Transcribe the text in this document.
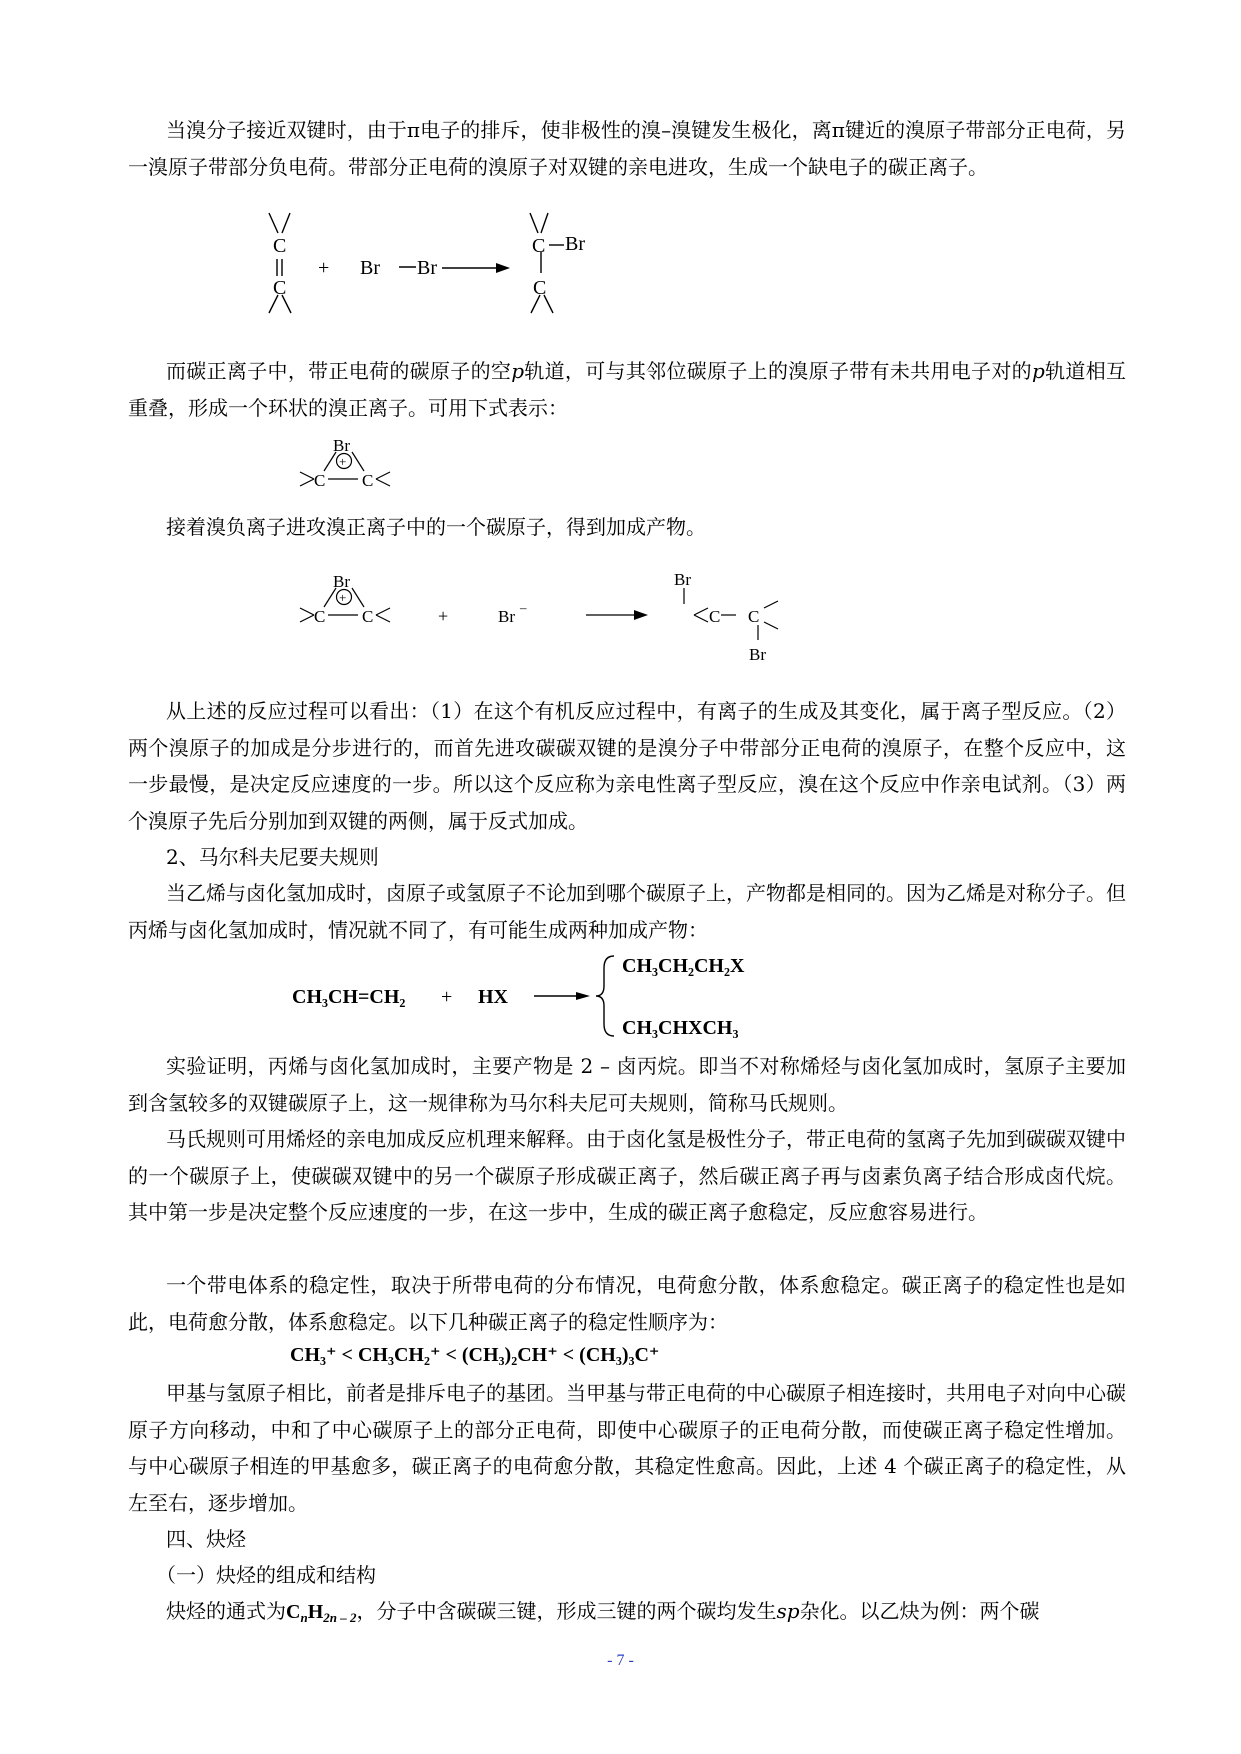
当溴分子接近双键时，由于π电子的排斥，使非极性的溴–溴键发生极化，离π键近的溴原子带部分正电荷，另一溴原子带部分负电荷。带部分正电荷的溴原子对双键的亲电进攻，生成一个缺电子的碳正离子。

C
C
+ Br Br
C Br
C

而碳正离子中，带正电荷的碳原子的空p轨道，可与其邻位碳原子上的溴原子带有未共用电子对的p轨道相互重叠，形成一个环状的溴正离子。可用下式表示：

Br
+
C C

接着溴负离子进攻溴正离子中的一个碳原子，得到加成产物。

Br
+
C C	+	Br –
Br
C C
Br

从上述的反应过程可以看出：（1）在这个有机反应过程中，有离子的生成及其变化，属于离子型反应。（2）两个溴原子的加成是分步进行的，而首先进攻碳碳双键的是溴分子中带部分正电荷的溴原子，在整个反应中，这一步最慢，是决定反应速度的一步。所以这个反应称为亲电性离子型反应，溴在这个反应中作亲电试剂。（3）两个溴原子先后分别加到双键的两侧，属于反式加成。

2、马尔科夫尼要夫规则

当乙烯与卤化氢加成时，卤原子或氢原子不论加到哪个碳原子上，产物都是相同的。因为乙烯是对称分子。但丙烯与卤化氢加成时，情况就不同了，有可能生成两种加成产物：

CH₃CH=CH₂ + HX
CH₃CH₂CH₂X
CH₃CHXCH₃

实验证明，丙烯与卤化氢加成时，主要产物是 2 – 卤丙烷。即当不对称烯烃与卤化氢加成时，氢原子主要加到含氢较多的双键碳原子上，这一规律称为马尔科夫尼可夫规则，简称马氏规则。

马氏规则可用烯烃的亲电加成反应机理来解释。由于卤化氢是极性分子，带正电荷的氢离子先加到碳碳双键中的一个碳原子上，使碳碳双键中的另一个碳原子形成碳正离子，然后碳正离子再与卤素负离子结合形成卤代烷。其中第一步是决定整个反应速度的一步，在这一步中，生成的碳正离子愈稳定，反应愈容易进行。

一个带电体系的稳定性，取决于所带电荷的分布情况，电荷愈分散，体系愈稳定。碳正离子的稳定性也是如此，电荷愈分散，体系愈稳定。以下几种碳正离子的稳定性顺序为：

CH₃⁺ < CH₃CH₂⁺ < (CH₃)₂CH⁺ < (CH₃)₃C⁺

甲基与氢原子相比，前者是排斥电子的基团。当甲基与带正电荷的中心碳原子相连接时，共用电子对向中心碳原子方向移动，中和了中心碳原子上的部分正电荷，即使中心碳原子的正电荷分散，而使碳正离子稳定性增加。与中心碳原子相连的甲基愈多，碳正离子的电荷愈分散，其稳定性愈高。因此，上述 4 个碳正离子的稳定性，从左至右，逐步增加。

四、炔烃

（一）炔烃的组成和结构

炔烃的通式为$C_nH_{2n - 2}$，分子中含碳碳三键，形成三键的两个碳均发生sp杂化。以乙炔为例：两个碳

- 7 -
